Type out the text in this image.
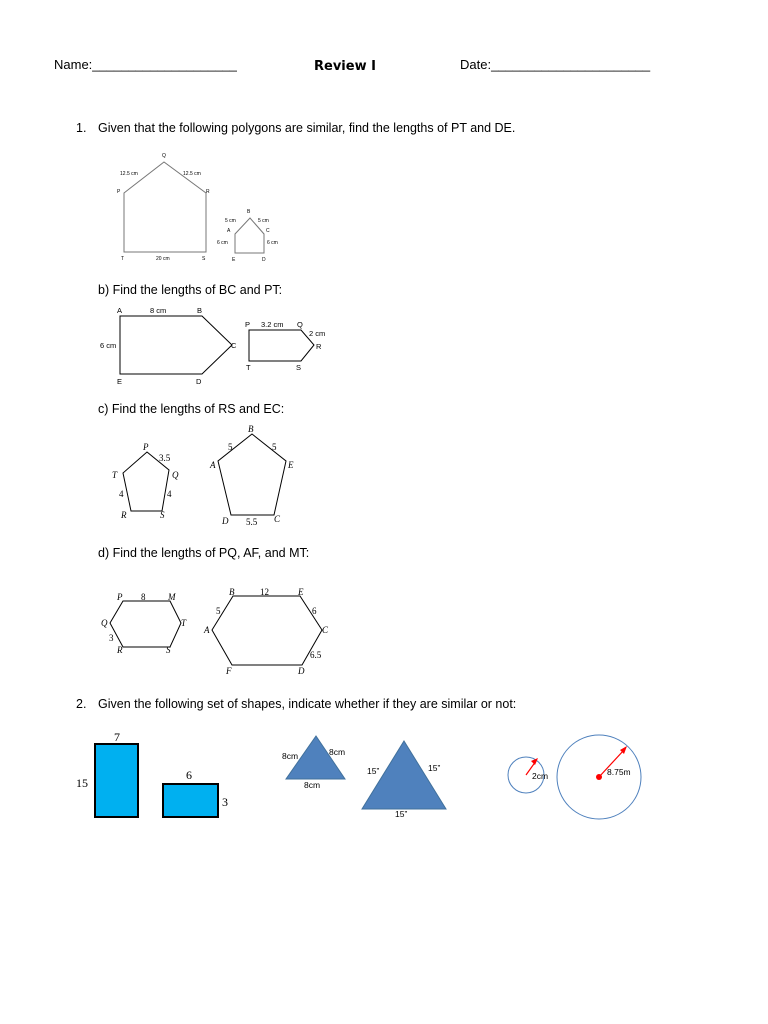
Name:____________________	Review I	Date:______________________
1. Given that the following polygons are similar, find the lengths of PT and DE.
b) Find the lengths of BC and PT:
c) Find the lengths of RS and EC:
d) Find the lengths of PQ, AF, and MT:
2. Given the following set of shapes, indicate whether if they are similar or not:
Q
P	R
T	S
12.5 cm	12.5 cm
20 cm
B
A	C
E	D
5 cm	5 cm
6 cm	6 cm
A	B
C
D
E
8 cm
6 cm
P	Q
R
S
T
3.2 cm
2 cm
P
Q
R	S
T
3.5
4	4
B
A	E
D	C
5	5
5.5
P	M
Q	T
R	S
8
3
B	E
A	C
F	D
12
5	6
6.5
7
15
6
3
8cm	8cm
8cm
15”	15”
15”
2cm	8.75m
